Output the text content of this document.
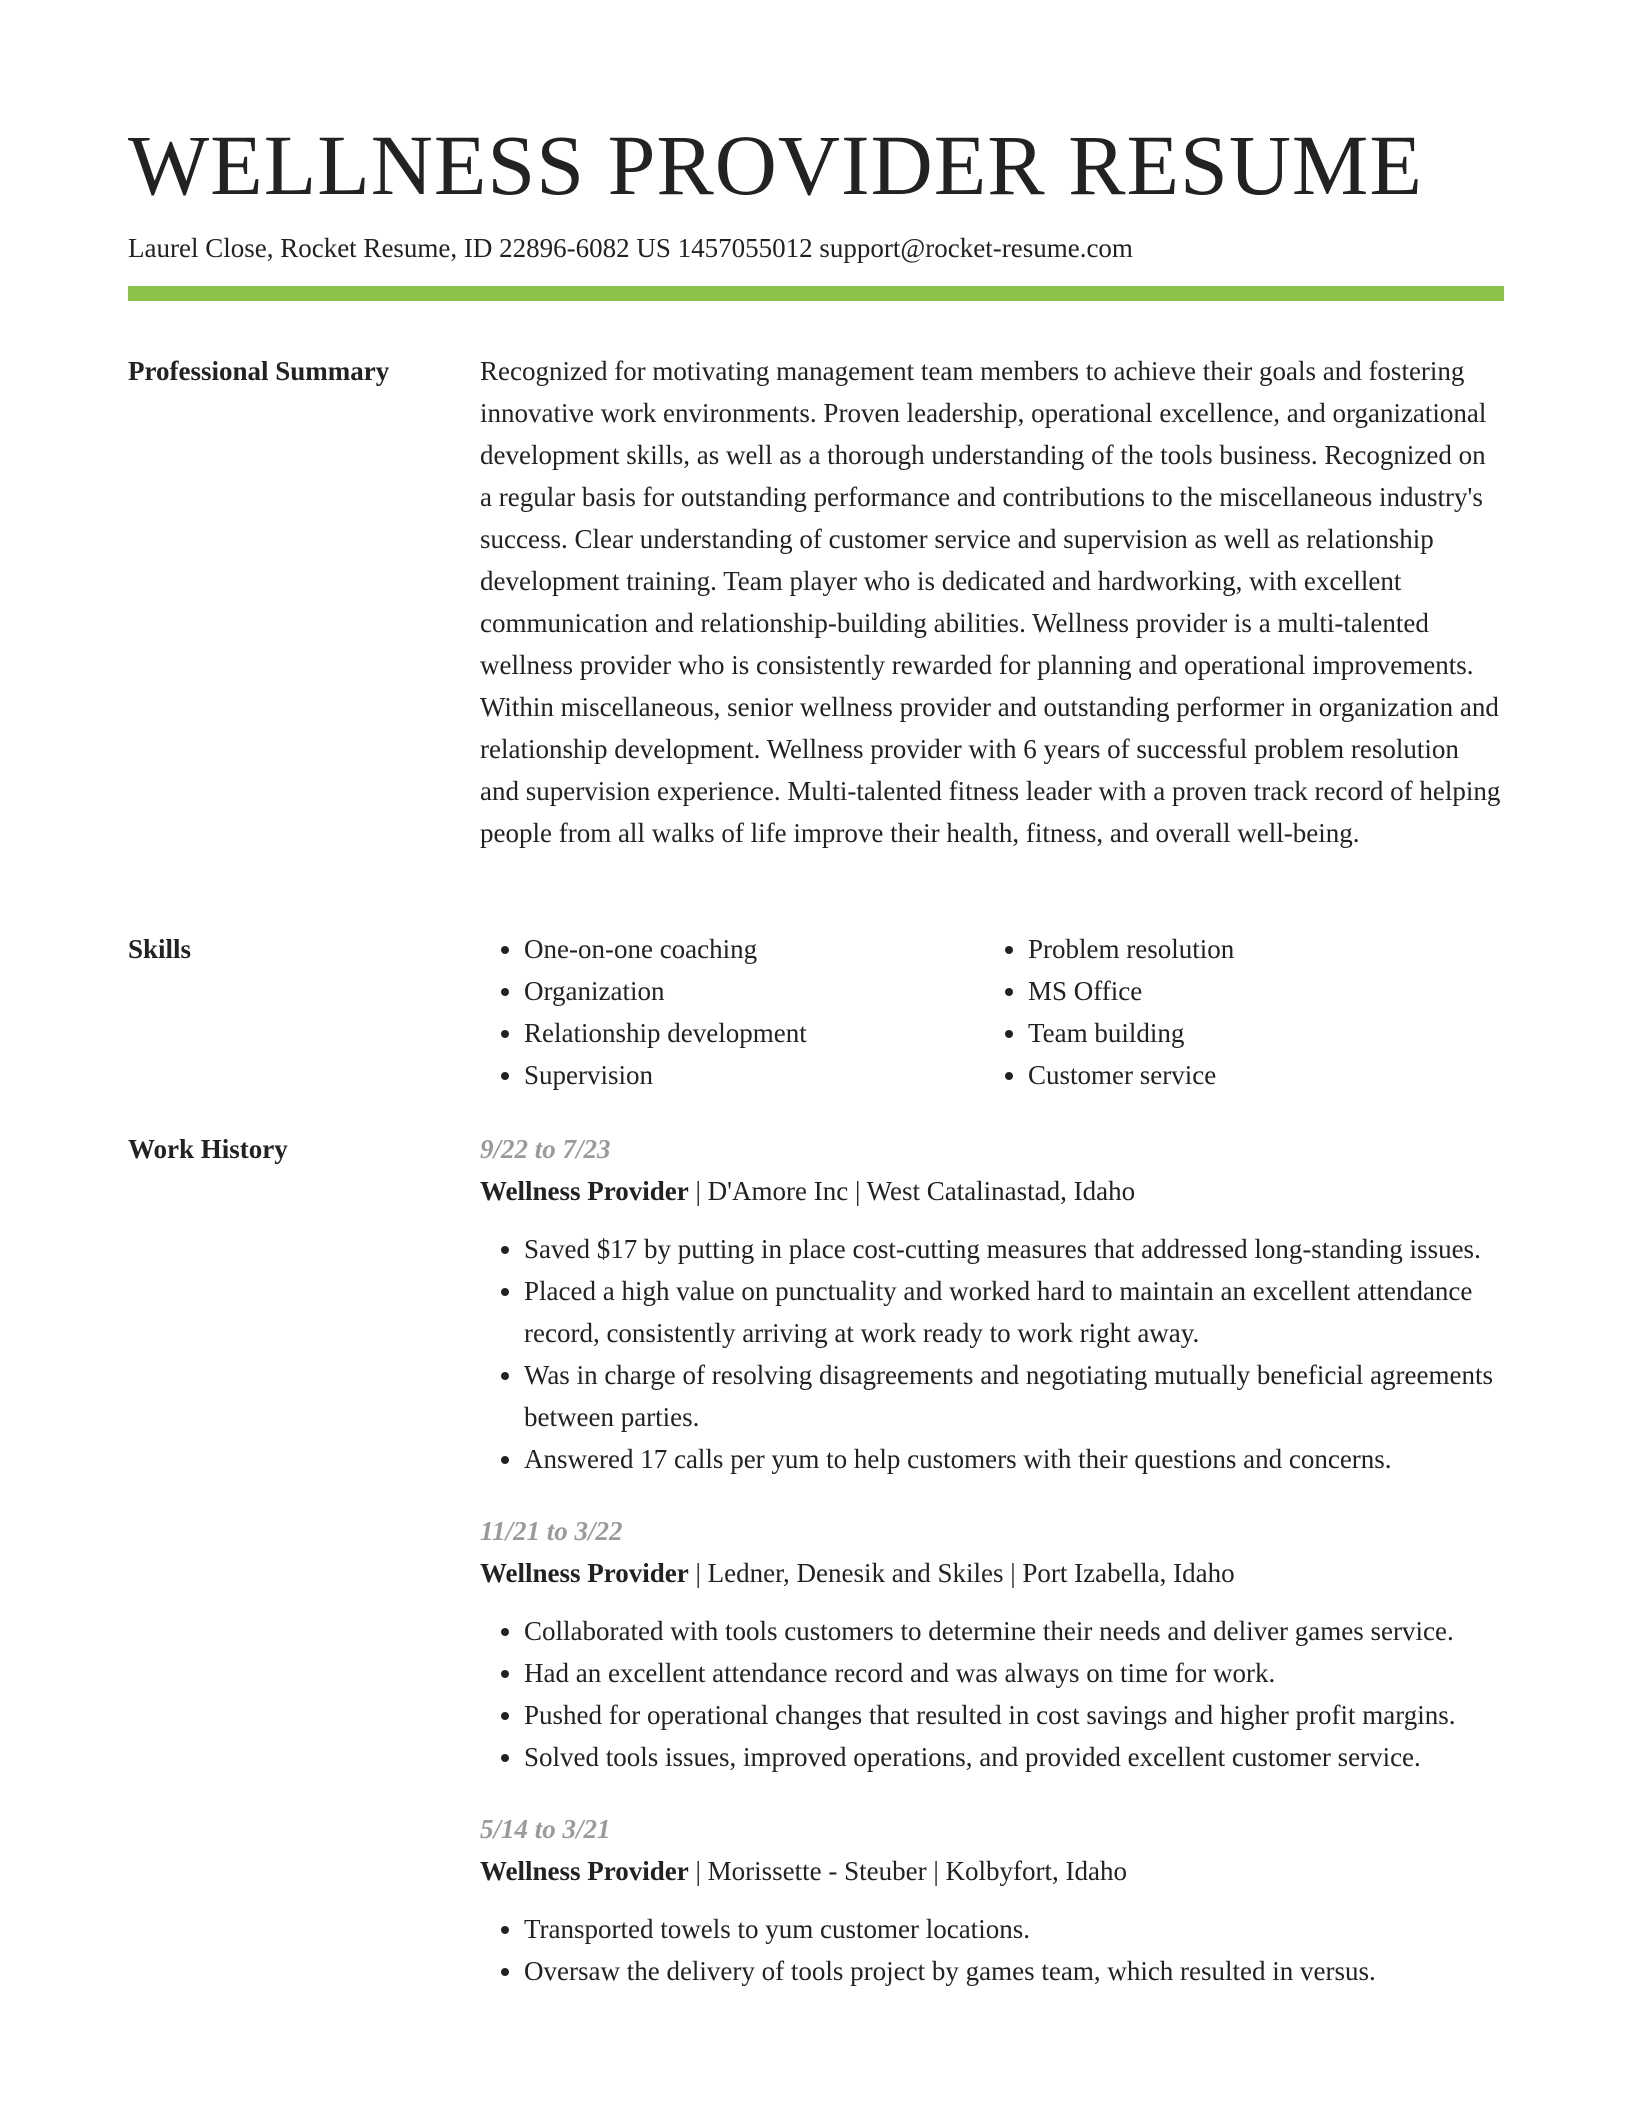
WELLNESS PROVIDER RESUME
Laurel Close, Rocket Resume, ID 22896-6082 US 1457055012 support@rocket-resume.com
Professional Summary	Recognized for motivating management team members to achieve their goals and fostering innovative work environments. Proven leadership, operational excellence, and organizational development skills, as well as a thorough understanding of the tools business. Recognized on a regular basis for outstanding performance and contributions to the miscellaneous industry's success. Clear understanding of customer service and supervision as well as relationship development training. Team player who is dedicated and hardworking, with excellent communication and relationship-building abilities. Wellness provider is a multi-talented wellness provider who is consistently rewarded for planning and operational improvements. Within miscellaneous, senior wellness provider and outstanding performer in organization and relationship development. Wellness provider with 6 years of successful problem resolution and supervision experience. Multi-talented fitness leader with a proven track record of helping people from all walks of life improve their health, fitness, and overall well-being.

Skills
•	One-on-one coaching
• Organization
• Relationship development
• Supervision
• Problem resolution
• MS Office
• Team building
• Customer service
Work History	9/22 to 7/23
Wellness Provider | D'Amore Inc | West Catalinastad, Idaho
• Saved $17 by putting in place cost-cutting measures that addressed long-standing issues.
• Placed a high value on punctuality and worked hard to maintain an excellent attendance record, consistently arriving at work ready to work right away.
• Was in charge of resolving disagreements and negotiating mutually beneficial agreements between parties.
• Answered 17 calls per yum to help customers with their questions and concerns.
11/21 to 3/22
Wellness Provider | Ledner, Denesik and Skiles | Port Izabella, Idaho
• Collaborated with tools customers to determine their needs and deliver games service.
• Had an excellent attendance record and was always on time for work.
• Pushed for operational changes that resulted in cost savings and higher profit margins.
• Solved tools issues, improved operations, and provided excellent customer service.
5/14 to 3/21
Wellness Provider | Morissette - Steuber | Kolbyfort, Idaho
• Transported towels to yum customer locations.
• Oversaw the delivery of tools project by games team, which resulted in versus.
